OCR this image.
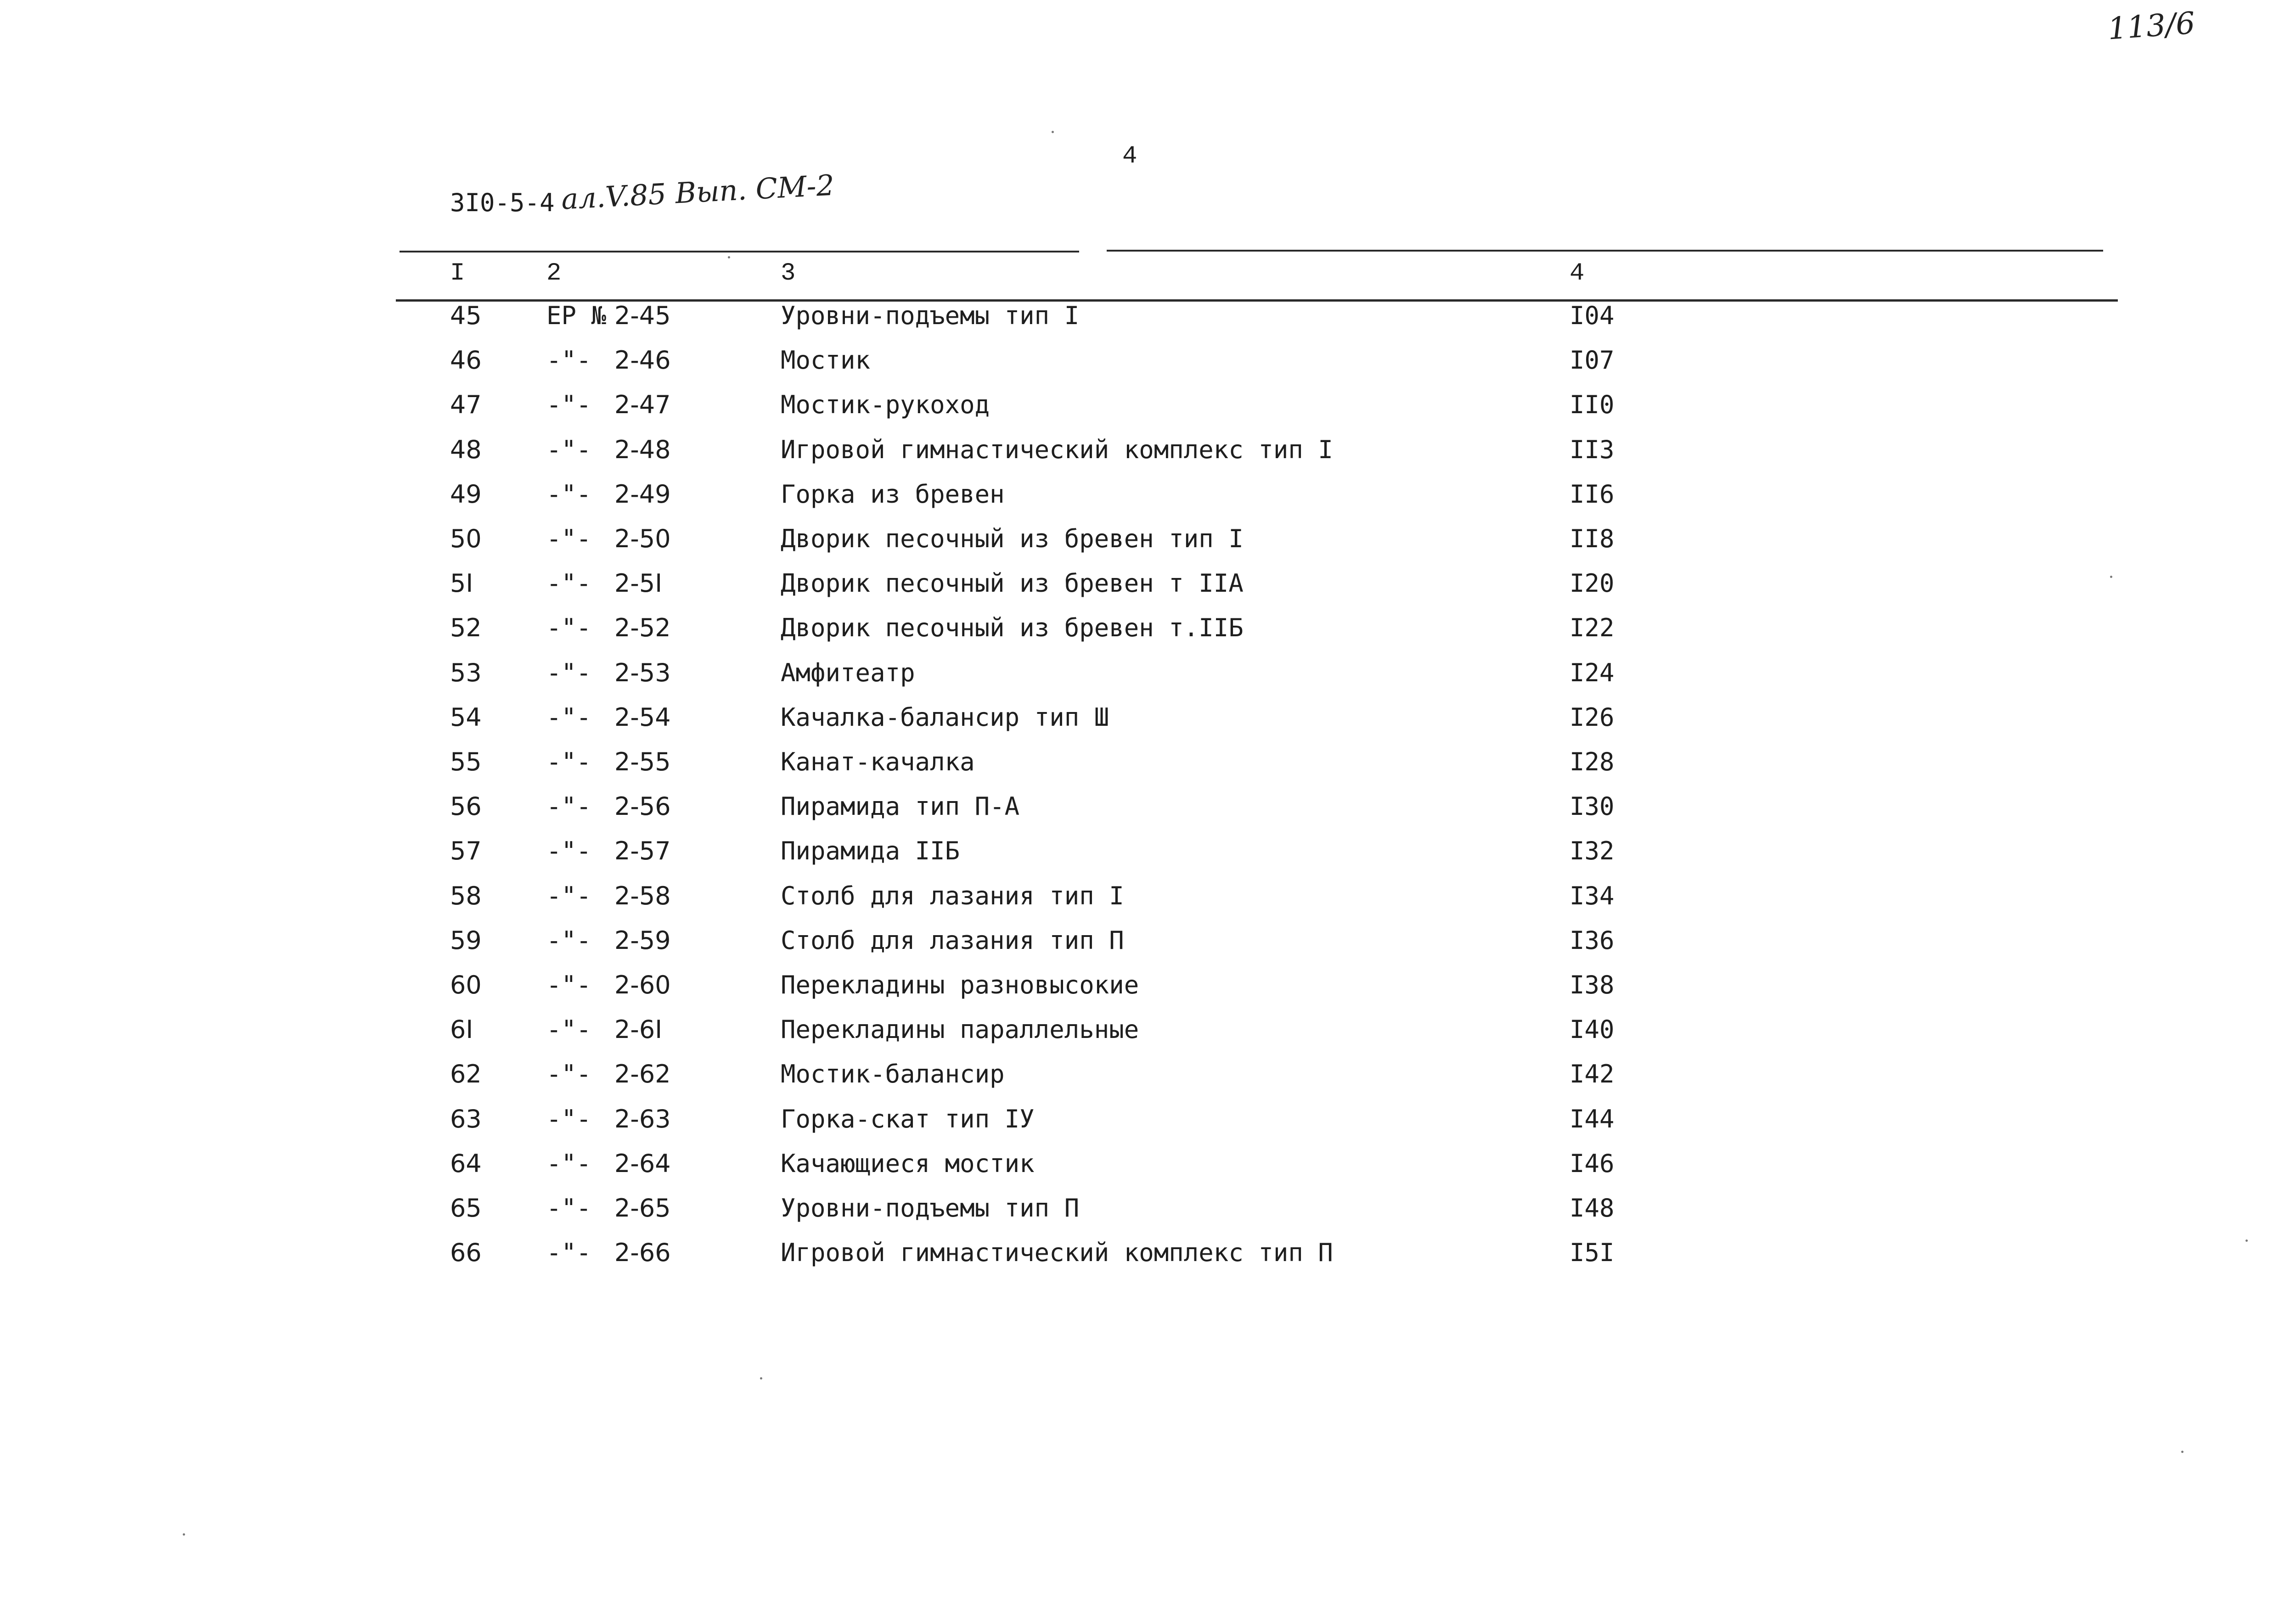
4
113/6
3I0-5-4 ал.V.85 Вып. СМ-2
I	2	3	4
45	ЕР № 2-45	Уровни-подъемы тип I	I04
46	-"- 2-46	Мостик	I07
47	-"- 2-47	Мостик-рукоход	II0
48	-"- 2-48	Игровой гимнастический комплекс тип I	II3
49	-"- 2-49	Горка из бревен	II6
50	-"- 2-50	Дворик песочный из бревен тип I	II8
5I	-"- 2-5I	Дворик песочный из бревен т IIА	I20
52	-"- 2-52	Дворик песочный из бревен т.IIБ	I22
53	-"- 2-53	Амфитеатр	I24
54	-"- 2-54	Качалка-балансир тип Ш	I26
55	-"- 2-55	Канат-качалка	I28
56	-"- 2-56	Пирамида тип П-А	I30
57	-"- 2-57	Пирамида IIБ	I32
58	-"- 2-58	Столб для лазания тип I	I34
59	-"- 2-59	Столб для лазания тип П	I36
60	-"- 2-60	Перекладины разновысокие	I38
6I	-"- 2-6I	Перекладины параллельные	I40
62	-"- 2-62	Мостик-балансир	I42
63	-"- 2-63	Горка-скат тип IУ	I44
64	-"- 2-64	Качающиеся мостик	I46
65	-"- 2-65	Уровни-подъемы тип П	I48
66	-"- 2-66	Игровой гимнастический комплекс тип П	I5I
